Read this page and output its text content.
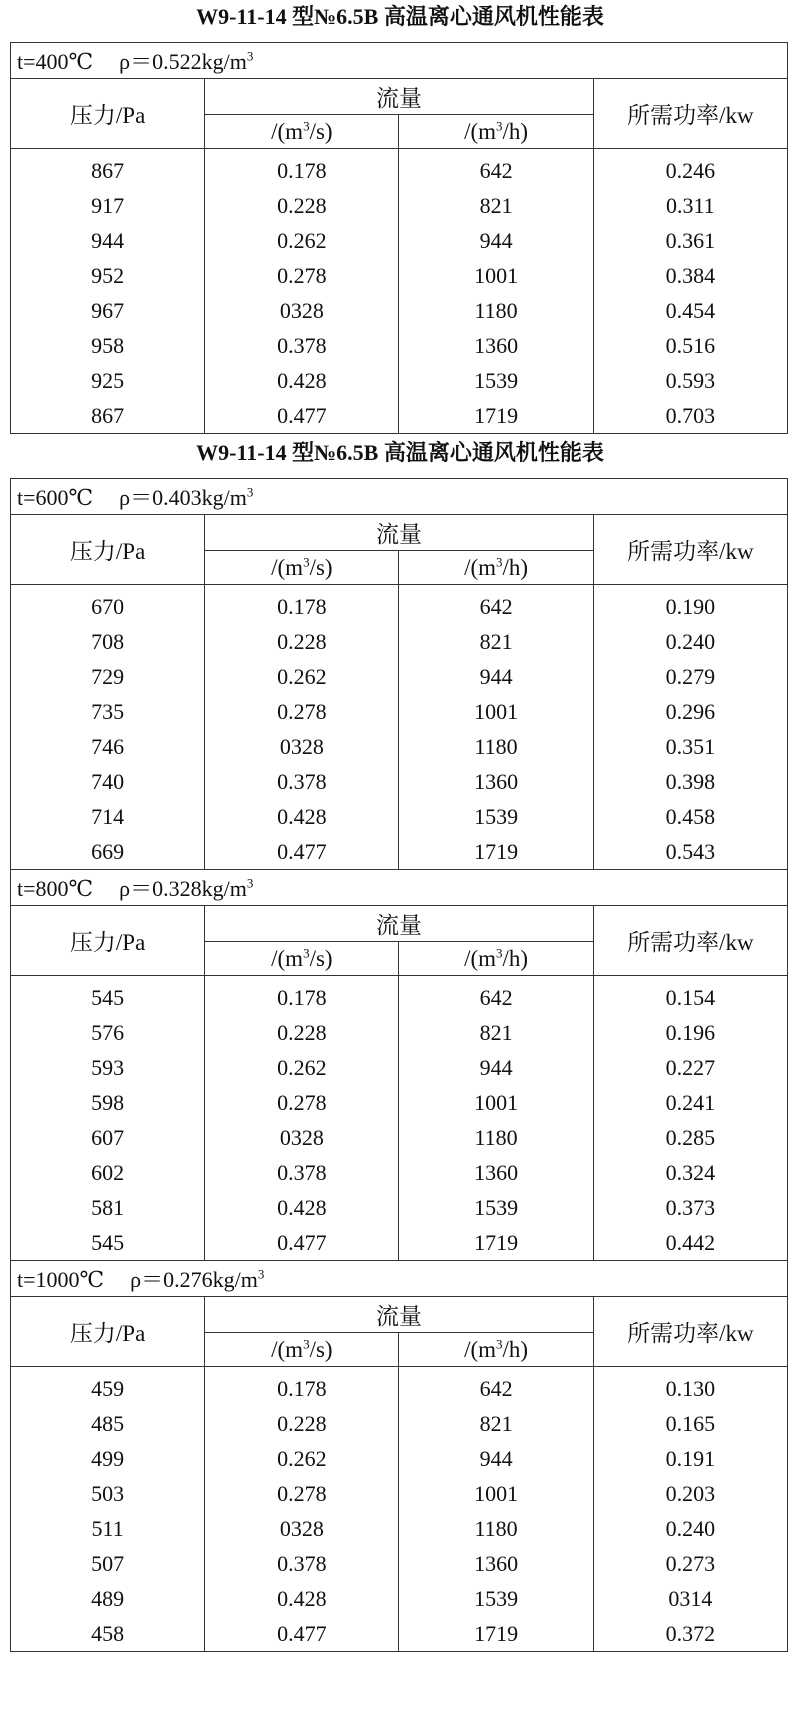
W9-11-14 型№6.5B 高温离心通风机性能表
t=400℃ $\rho=0.522kg/m^3$
压力/Pa	流量		所需功率/kw
	$/(m^3/s)$	$/(m^3/h)$	
867	0.178	642	0.246
917	0.228	821	0.311
944	0.262	944	0.361
952	0.278	1001	0.384
967	0328	1180	0.454
958	0.378	1360	0.516
925	0.428	1539	0.593
867	0.477	1719	0.703
W9-11-14 型№6.5B 高温离心通风机性能表
t=600℃ $\rho=0.403kg/m^3$
压力/Pa	流量		所需功率/kw
	$/(m^3/s)$	$/(m^3/h)$	
670	0.178	642	0.190
708	0.228	821	0.240
729	0.262	944	0.279
735	0.278	1001	0.296
746	0328	1180	0.351
740	0.378	1360	0.398
714	0.428	1539	0.458
669	0.477	1719	0.543
t=800℃ $\rho=0.328kg/m^3$
压力/Pa	流量		所需功率/kw
	$/(m^3/s)$	$/(m^3/h)$	
545	0.178	642	0.154
576	0.228	821	0.196
593	0.262	944	0.227
598	0.278	1001	0.241
607	0328	1180	0.285
602	0.378	1360	0.324
581	0.428	1539	0.373
545	0.477	1719	0.442
t=1000℃ $\rho=0.276kg/m^3$
压力/Pa	流量		所需功率/kw
	$/(m^3/s)$	$/(m^3/h)$	
459	0.178	642	0.130
485	0.228	821	0.165
499	0.262	944	0.191
503	0.278	1001	0.203
511	0328	1180	0.240
507	0.378	1360	0.273
489	0.428	1539	0314
458	0.477	1719	0.372
